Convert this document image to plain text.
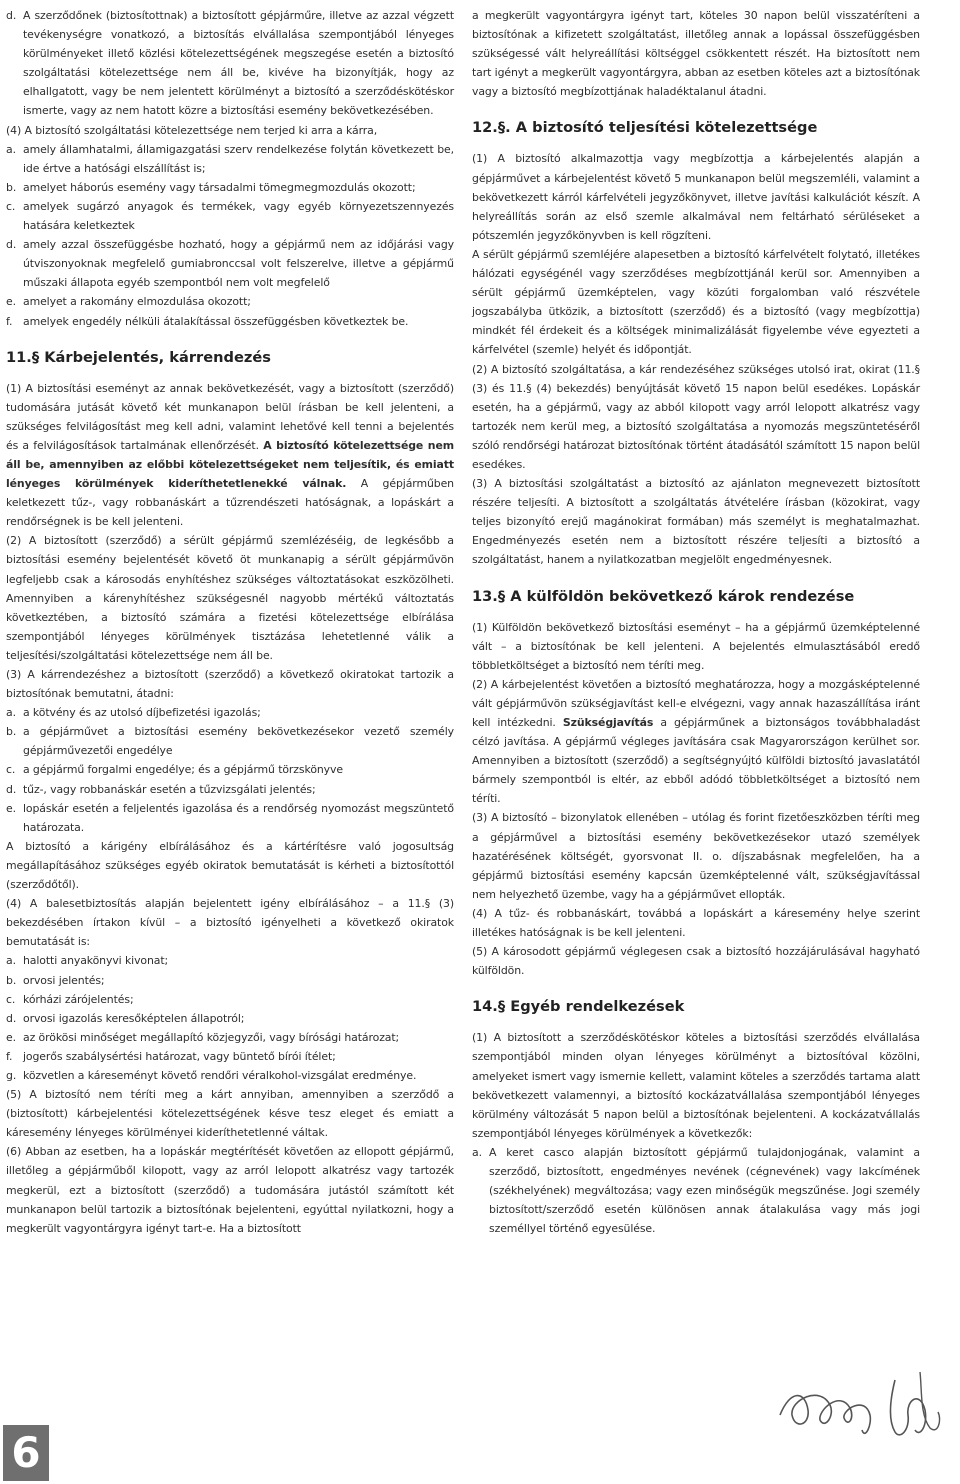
d. A szerződőnek (biztosítottnak) a biztosított gépjárműre, illetve az azzal végzett tevékenységre vonatkozó, a biztosítás elvállalása szempontjából lényeges körülményeket illető közlési kötelezettségének megszegése esetén a biztosító szolgáltatási kötelezettsége nem áll be, kivéve ha bizonyítják, hogy az elhallgatott, vagy be nem jelentett körülményt a biztosító a szerződéskötéskor ismerte, vagy az nem hatott közre a biztosítási esemény bekövetkezésében.

(4) A biztosító szolgáltatási kötelezettsége nem terjed ki arra a kárra,

a. amely államhatalmi, államigazgatási szerv rendelkezése folytán következett be, ide értve a hatósági elszállítást is;
b. amelyet háborús esemény vagy társadalmi tömegmegmozdulás okozott;
c. amelyek sugárzó anyagok és termékek, vagy egyéb környezetszennyezés hatására keletkeztek
d. amely azzal összefüggésbe hozható, hogy a gépjármű nem az időjárási vagy útviszonyoknak megfelelő gumiabronccsal volt felszerelve, illetve a gépjármű műszaki állapota egyéb szempontból nem volt megfelelő
e. amelyet a rakomány elmozdulása okozott;
f. amelyek engedély nélküli átalakítással összefüggésben következtek be.
11.§ Kárbejelentés, kárrendezés

(1) A biztosítási eseményt az annak bekövetkezését, vagy a biztosított (szerződő) tudomására jutását követő két munkanapon belül írásban be kell jelenteni, a szükséges felvilágosítást meg kell adni, valamint lehetővé kell tenni a bejelentés és a felvilágosítások tartalmának ellenőrzését. A biztosító kötelezettsége nem áll be, amennyiben az előbbi kötelezettségeket nem teljesítik, és emiatt lényeges körülmények kideríthetetlenekké válnak. A gépjárműben keletkezett tűz-, vagy robbanáskárt a tűzrendészeti hatóságnak, a lopáskárt a rendőrségnek is be kell jelenteni.

(2) A biztosított (szerződő) a sérült gépjármű szemlézéséig, de legkésőbb a biztosítási esemény bejelentését követő öt munkanapig a sérült gépjárművön legfeljebb csak a károsodás enyhítéshez szükséges változtatásokat eszközölheti. Amennyiben a kárenyhítéshez szükségesnél nagyobb mértékű változtatás következtében, a biztosító számára a fizetési kötelezettsége elbírálása szempontjából lényeges körülmények tisztázása lehetetlenné válik a teljesítési/szolgáltatási kötelezettsége nem áll be.

(3) A kárrendezéshez a biztosított (szerződő) a következő okiratokat tartozik a biztosítónak bemutatni, átadni:

a. a kötvény és az utolsó díjbefizetési igazolás;
b. a gépjárművet a biztosítási esemény bekövetkezésekor vezető személy gépjárművezetői engedélye
c. a gépjármű forgalmi engedélye; és a gépjármű törzskönyve
d. tűz-, vagy robbanáskár esetén a tűzvizsgálati jelentés;
e. lopáskár esetén a feljelentés igazolása és a rendőrség nyomozást megszüntető határozata.

A biztosító a kárigény elbírálásához és a kártérítésre való jogosultság megállapításához szükséges egyéb okiratok bemutatását is kérheti a biztosítottól (szerződőtől).

(4) A balesetbiztosítás alapján bejelentett igény elbírálásához – a 11.§ (3) bekezdésében írtakon kívül – a biztosító igényelheti a következő okiratok bemutatását is:

a. halotti anyakönyvi kivonat;
b. orvosi jelentés;
c. kórházi zárójelentés;
d. orvosi igazolás keresőképtelen állapotról;
e. az örökösi minőséget megállapító közjegyzői, vagy bírósági határozat;
f. jogerős szabálysértési határozat, vagy büntető bírói ítélet;
g. közvetlen a káreseményt követő rendőri véralkohol-vizsgálat eredménye.

(5) A biztosító nem téríti meg a kárt annyiban, amennyiben a szerződő a (biztosított) kárbejelentési kötelezettségének késve tesz eleget és emiatt a káresemény lényeges körülményei kideríthetetlenné váltak.

(6) Abban az esetben, ha a lopáskár megtérítését követően az ellopott gépjármű, illetőleg a gépjárműből kilopott, vagy az arról lelopott alkatrész vagy tartozék megkerül, ezt a biztosított (szerződő) a tudomására jutástól számított két munkanapon belül tartozik a biztosítónak bejelenteni, egyúttal nyilatkozni, hogy a megkerült vagyontárgyra igényt tart-e. Ha a biztosított

a megkerült vagyontárgyra igényt tart, köteles 30 napon belül visszatéríteni a biztosítónak a kifizetett szolgáltatást, illetőleg annak a lopással összefüggésben szükségessé vált helyreállítási költséggel csökkentett részét. Ha biztosított nem tart igényt a megkerült vagyontárgyra, abban az esetben köteles azt a biztosítónak vagy a biztosító megbízottjának haladéktalanul átadni.

12.§. A biztosító teljesítési kötelezettsége

(1) A biztosító alkalmazottja vagy megbízottja a kárbejelentés alapján a gépjárművet a kárbejelentést követő 5 munkanapon belül megszemléli, valamint a bekövetkezett kárról kárfelvételi jegyzőkönyvet, illetve javítási kalkulációt készít. A helyreállítás során az első szemle alkalmával nem feltárható sérüléseket a pótszemlén jegyzőkönyvben is kell rögzíteni.

A sérült gépjármű szemléjére alapesetben a biztosító kárfelvételt folytató, illetékes hálózati egységénél vagy szerződéses megbízottjánál kerül sor. Amennyiben a sérült gépjármű üzemképtelen, vagy közúti forgalomban való részvétele jogszabályba ütközik, a biztosított (szerződő) és a biztosító (vagy megbízottja) mindkét fél érdekeit és a költségek minimalizálását figyelembe véve egyezteti a kárfelvétel (szemle) helyét és időpontját.

(2) A biztosító szolgáltatása, a kár rendezéséhez szükséges utolsó irat, okirat (11.§ (3) és 11.§ (4) bekezdés) benyújtását követő 15 napon belül esedékes. Lopáskár esetén, ha a gépjármű, vagy az abból kilopott vagy arról lelopott alkatrész vagy tartozék nem kerül meg, a biztosító szolgáltatása a nyomozás megszüntetéséről szóló rendőrségi határozat biztosítónak történt átadásától számított 15 napon belül esedékes.

(3) A biztosítási szolgáltatást a biztosító az ajánlaton megnevezett biztosított részére teljesíti. A biztosított a szolgáltatás átvételére írásban (közokirat, vagy teljes bizonyító erejű magánokirat formában) más személyt is meghatalmazhat. Engedményezés esetén nem a biztosított részére teljesíti a biztosító a szolgáltatást, hanem a nyilatkozatban megjelölt engedményesnek.

13.§ A külföldön bekövetkező károk rendezése

(1) Külföldön bekövetkező biztosítási eseményt – ha a gépjármű üzemképtelenné vált – a biztosítónak be kell jelenteni. A bejelentés elmulasztásából eredő többletköltséget a biztosító nem téríti meg.

(2) A kárbejelentést követően a biztosító meghatározza, hogy a mozgásképtelenné vált gépjárművön szükségjavítást kell-e elvégezni, vagy annak hazaszállítása iránt kell intézkedni. Szükségjavítás a gépjárműnek a biztonságos továbbhaladást célzó javítása. A gépjármű végleges javítására csak Magyarországon kerülhet sor. Amennyiben a biztosított (szerződő) a segítségnyújtó külföldi biztosító javaslatától bármely szempontból is eltér, az ebből adódó többletköltséget a biztosító nem téríti.

(3) A biztosító – bizonylatok ellenében – utólag és forint fizetőeszközben téríti meg a gépjárművel a biztosítási esemény bekövetkezésekor utazó személyek hazatérésének költségét, gyorsvonat II. o. díjszabásnak megfelelően, ha a gépjármű biztosítási esemény kapcsán üzemképtelenné vált, szükségjavítással nem helyezhető üzembe, vagy ha a gépjárművet ellopták.

(4) A tűz- és robbanáskárt, továbbá a lopáskárt a káresemény helye szerint illetékes hatóságnak is be kell jelenteni.

(5) A károsodott gépjármű véglegesen csak a biztosító hozzájárulásával hagyható külföldön.

14.§ Egyéb rendelkezések

(1) A biztosított a szerződéskötéskor köteles a biztosítási szerződés elvállalása szempontjából minden olyan lényeges körülményt a biztosítóval közölni, amelyeket ismert vagy ismernie kellett, valamint köteles a szerződés tartama alatt bekövetkezett valamennyi, a biztosító kockázatvállalása szempontjából lényeges körülmény változását 5 napon belül a biztosítónak bejelenteni. A kockázatvállalás szempontjából lényeges körülmények a következők:

a. A keret casco alapján biztosított gépjármű tulajdonjogának, valamint a szerződő, biztosított, engedményes nevének (cégnevének) vagy lakcímének (székhelyének) megváltozása; vagy ezen minőségük megszűnése. Jogi személy biztosított/szerződő esetén különösen annak átalakulása vagy más jogi személlyel történő egyesülése.
6
